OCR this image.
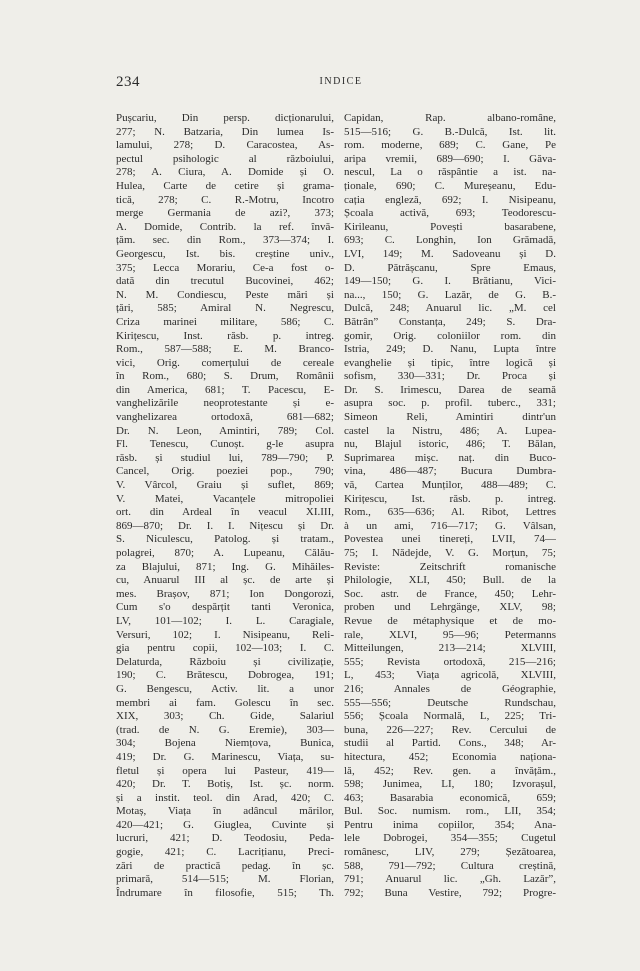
234	INDICE
Pușcariu, Din persp. dicționarului,
277; N. Batzaria, Din lumea Is-
lamului, 278; D. Caracostea, As-
pectul psihologic al războiului,
278; A. Ciura, A. Domide și O.
Hulea, Carte de cetire și grama-
tică, 278; C. R.-Motru, Incotro
merge Germania de azi?, 373;
A. Domide, Contrib. la ref. învă-
țăm. sec. din Rom., 373—374; I.
Georgescu, Ist. bis. creștine univ.,
375; Lecca Morariu, Ce-a fost o-
dată din trecutul Bucovinei, 462;
N. M. Condiescu, Peste mări și
țări, 585; Amiral N. Negrescu,
Criza marinei militare, 586; C.
Kirițescu, Inst. răsb. p. intreg.
Rom., 587—588; E. M. Branco-
vici, Orig. comerțului de cereale
în Rom., 680; S. Drum, Românii
din America, 681; T. Pacescu, E-
vanghelizările neoprotestante și e-
vanghelizarea ortodoxă, 681—682;
Dr. N. Leon, Amintiri, 789; Col.
Fl. Tenescu, Cunoșt. g-le asupra
răsb. și studiul lui, 789—790; P.
Cancel, Orig. poeziei pop., 790;
V. Vârcol, Graiu și suflet, 869;
V. Matei, Vacanțele mitropoliei
ort. din Ardeal în veacul XI.III,
869—870; Dr. I. I. Nițescu și Dr.
S. Niculescu, Patolog. și tratam.,
polagrei, 870; A. Lupeanu, Călău-
za Blajului, 871; Ing. G. Mihăiles-
cu, Anuarul III al șc. de arte și
mes. Brașov, 871; Ion Dongorozi,
Cum s'o despărțit tanti Veronica,
LV, 101—102; I. L. Caragiale,
Versuri, 102; I. Nisipeanu, Reli-
gia pentru copii, 102—103; I. C.
Delaturda, Războiu și civilizație,
190; C. Brătescu, Dobrogea, 191;
G. Bengescu, Activ. lit. a unor
membri ai fam. Golescu în sec.
XIX, 303; Ch. Gide, Salariul
(trad. de N. G. Eremie), 303—
304; Bojena Niemțova, Bunica,
419; Dr. G. Marinescu, Viața, su-
fletul și opera lui Pasteur, 419—
420; Dr. T. Botiș, Ist. șc. norm.
și a instit. teol. din Arad, 420; C.
Motaș, Viața în adâncul mărilor,
420—421; G. Giuglea, Cuvinte și
lucruri, 421; D. Teodosiu, Peda-
gogie, 421; C. Lacrițianu, Preci-
zări de practică pedag. în șc.
primară, 514—515; M. Florian,
Îndrumare în filosofie, 515; Th.
Capidan, Rap. albano-române,
515—516; G. B.-Dulcă, Ist. lit.
rom. moderne, 689; C. Gane, Pe
aripa vremii, 689—690; I. Găva-
nescul, La o răspântie a ist. na-
ționale, 690; C. Mureșeanu, Edu-
cația engleză, 692; I. Nisipeanu,
Școala activă, 693; Teodorescu-
Kirileanu, Povești basarabene,
693; C. Longhin, Ion Grămadă,
LVI, 149; M. Sadoveanu și D.
D. Pătrășcanu, Spre Emaus,
149—150; G. I. Brătianu, Vici-
na..., 150; G. Lazăr, de G. B.-
Dulcă, 248; Anuarul lic. „M. cel
Bătrân” Constanța, 249; S. Dra-
gomir, Orig. coloniilor rom. din
Istria, 249; D. Nanu, Lupta între
evanghelie și tipic, între logică și
sofism, 330—331; Dr. Proca și
Dr. S. Irimescu, Darea de seamă
asupra soc. p. profil. tuberc., 331;
Simeon Reli, Amintiri dintr'un
castel la Nistru, 486; A. Lupea-
nu, Blajul istoric, 486; T. Bălan,
Suprimarea mișc. naț. din Buco-
vina, 486—487; Bucura Dumbra-
vă, Cartea Munților, 488—489; C.
Kirițescu, Ist. răsb. p. intreg.
Rom., 635—636; Al. Ribot, Lettres
à un ami, 716—717; G. Vâlsan,
Povestea unei tinereți, LVII, 74—
75; I. Nădejde, V. G. Morțun, 75;
Reviste: Zeitschrift romanische
Philologie, XLI, 450; Bull. de la
Soc. astr. de France, 450; Lehr-
proben und Lehrgänge, XLV, 98;
Revue de métaphysique et de mo-
rale, XLVI, 95—96; Petermanns
Mitteilungen, 213—214; XLVIII,
555; Revista ortodoxă, 215—216;
L, 453; Viața agricolă, XLVIII,
216; Annales de Géographie,
555—556; Deutsche Rundschau,
556; Școala Normală, L, 225; Tri-
buna, 226—227; Rev. Cercului de
studii al Partid. Cons., 348; Ar-
hitectura, 452; Economia naționa-
lă, 452; Rev. gen. a învățăm.,
598; Junimea, LI, 180; Izvorașul,
463; Basarabia economică, 659;
Bul. Soc. numism. rom., LII, 354;
Pentru inima copiilor, 354; Ana-
lele Dobrogei, 354—355; Cugetul
românesc, LIV, 279; Șezătoarea,
588, 791—792; Cultura creștină,
791; Anuarul lic. „Gh. Lazăr”,
792; Buna Vestire, 792; Progre-
